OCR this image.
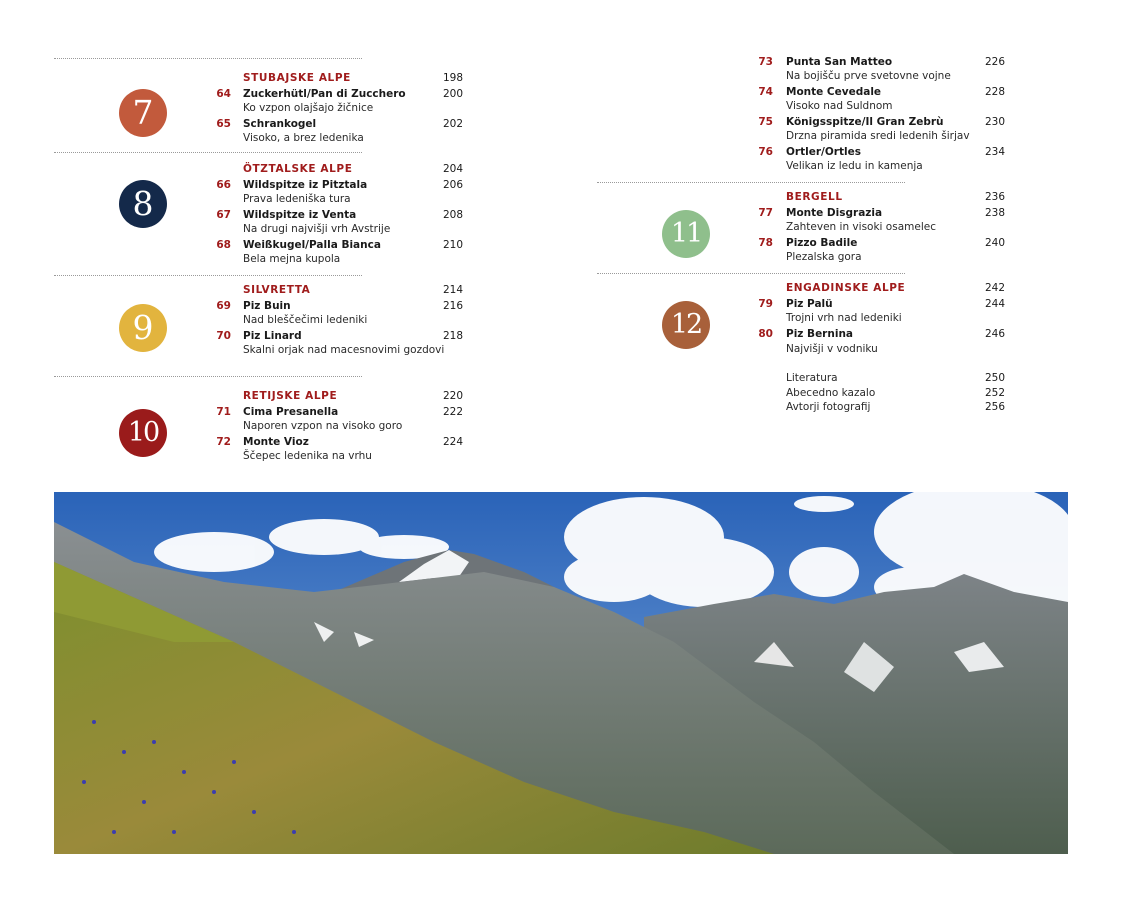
7
STUBAJSKE ALPE	198
64 Zuckerhütl/Pan di Zucchero	200
Ko vzpon olajšajo žičnice
65 Schrankogel	202
Visoko, a brez ledenika
8
ÖTZTALSKE ALPE	204
66 Wildspitze iz Pitztala	206
Prava ledeniška tura
67 Wildspitze iz Venta	208
Na drugi najvišji vrh Avstrije
68 Weißkugel/Palla Bianca	210
Bela mejna kupola
9
SILVRETTA	214
69 Piz Buin	216
Nad bleščečimi ledeniki
70 Piz Linard	218
Skalni orjak nad macesnovimi gozdovi
10
RETIJSKE ALPE	220
71 Cima Presanella	222
Naporen vzpon na visoko goro
72 Monte Vioz	224
Ščepec ledenika na vrhu
73 Punta San Matteo	226
Na bojišču prve svetovne vojne
74 Monte Cevedale	228
Visoko nad Suldnom
75 Königsspitze/Il Gran Zebrù	230
Drzna piramida sredi ledenih širjav
76 Ortler/Ortles	234
Velikan iz ledu in kamenja
11
BERGELL	236
77 Monte Disgrazia	238
Zahteven in visoki osamelec
78 Pizzo Badile	240
Plezalska gora
12
ENGADINSKE ALPE	242
79 Piz Palü	244
Trojni vrh nad ledeniki
80 Piz Bernina	246
Najvišji v vodniku
Literatura	250
Abecedno kazalo	252
Avtorji fotografij	256
